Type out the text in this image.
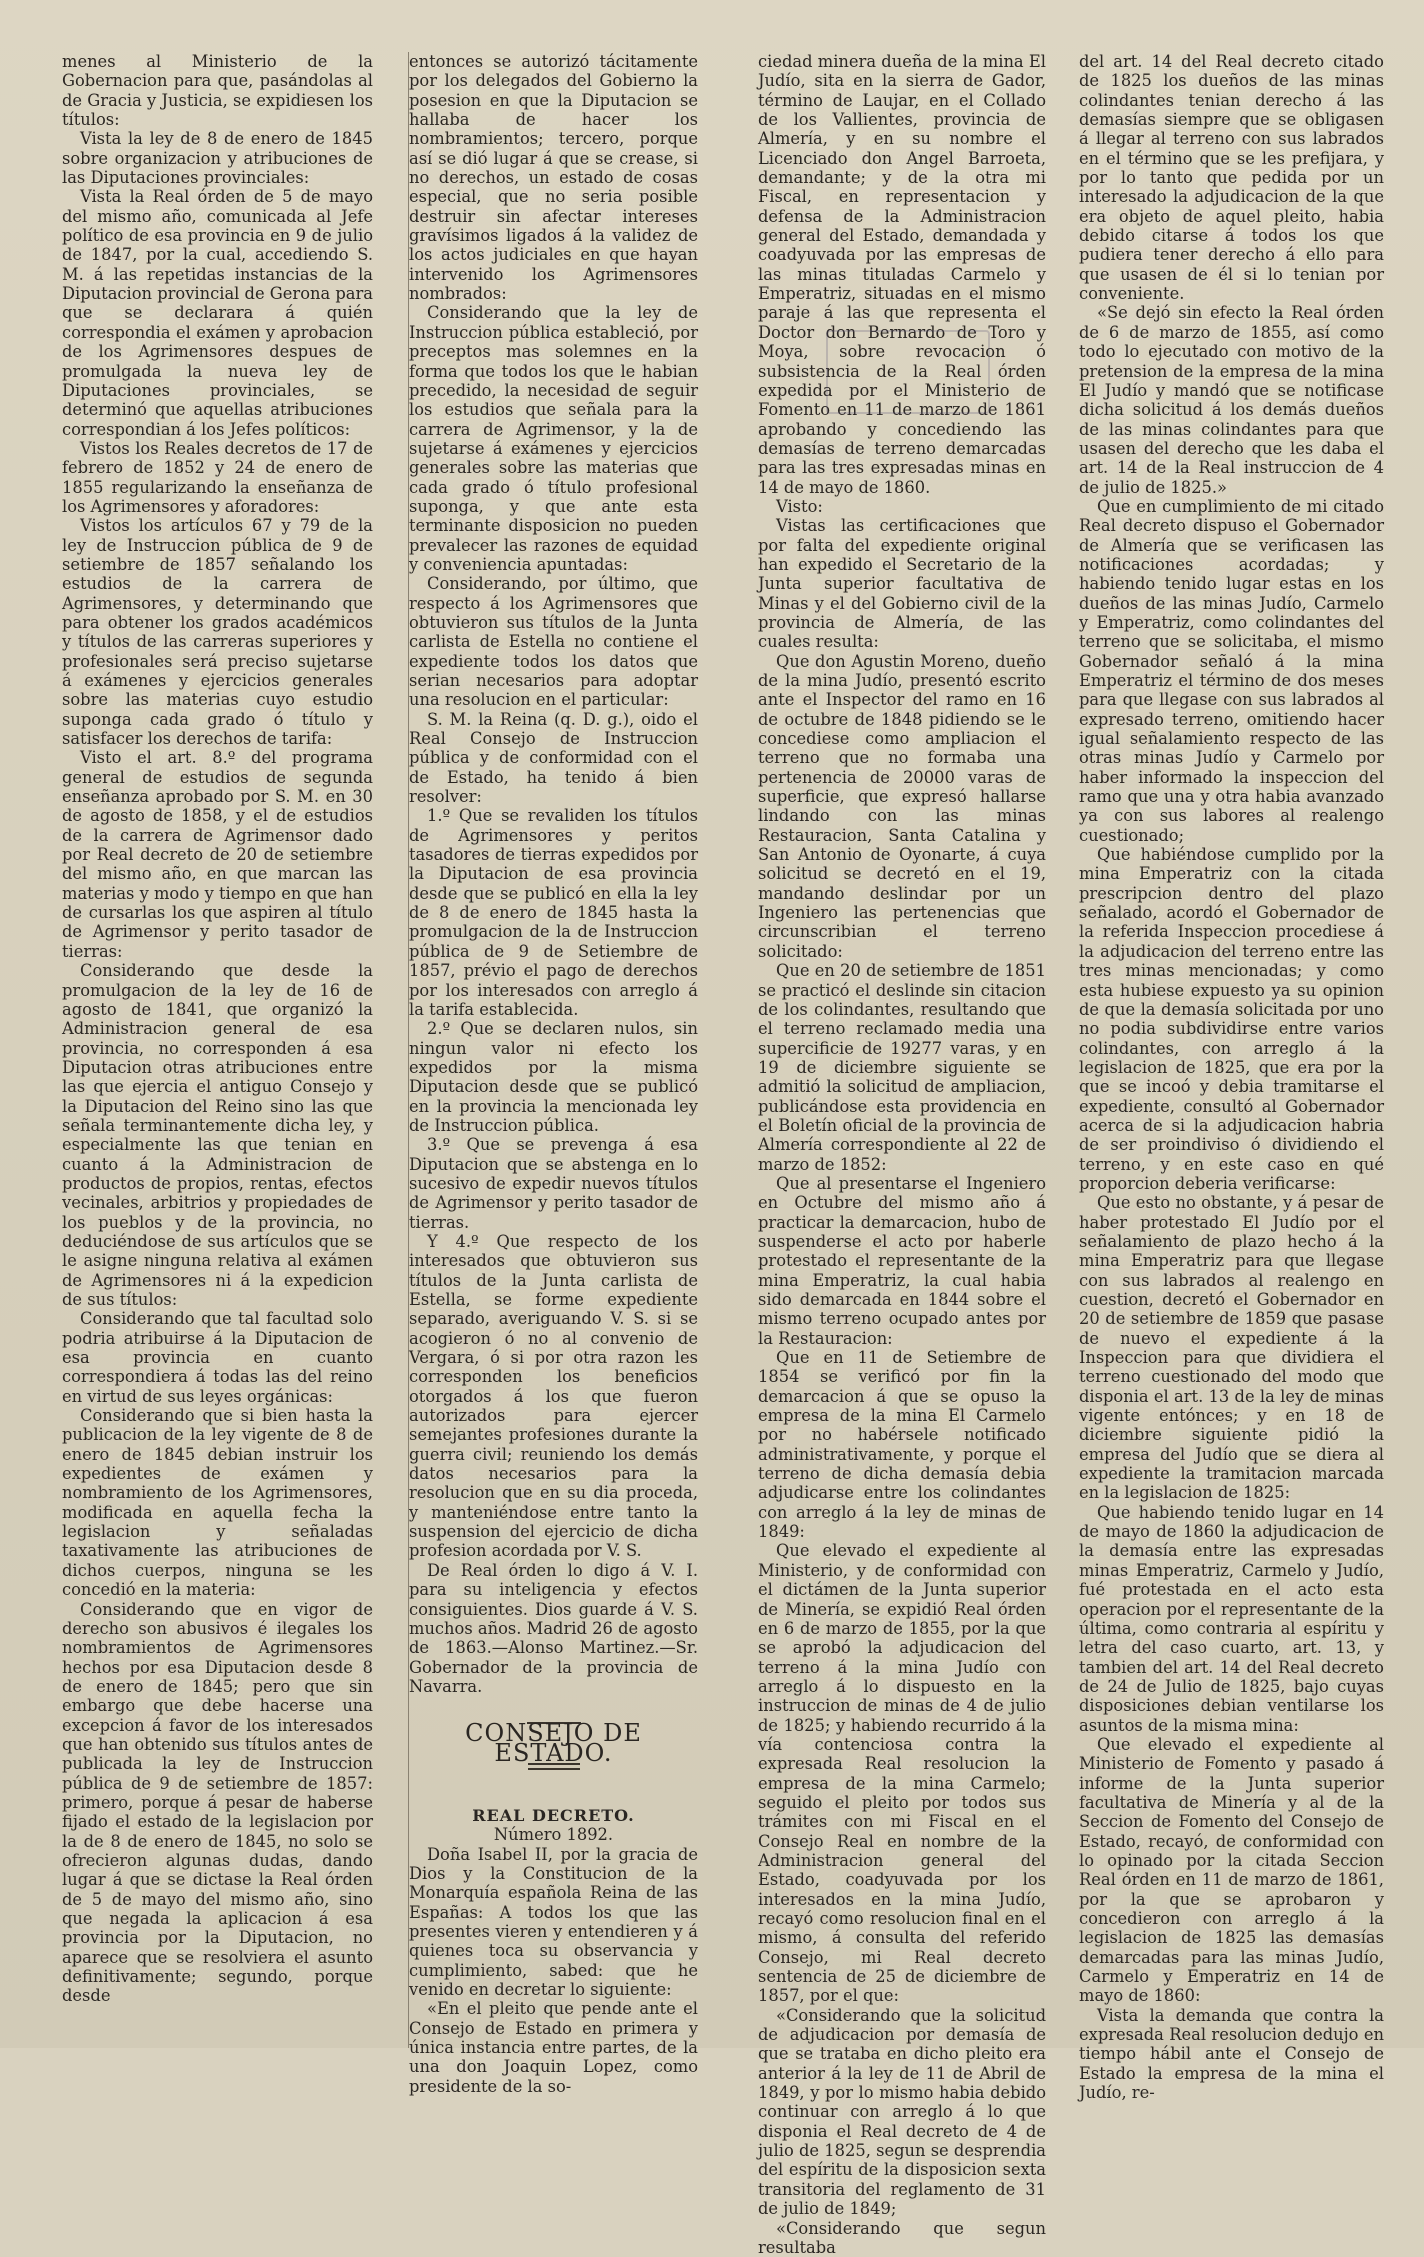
menes al Ministerio de la Gobernacion para que, pasándolas al de Gracia y Justicia, se expidiesen los títulos:

Vista la ley de 8 de enero de 1845 sobre organizacion y atribuciones de las Diputaciones provinciales:

Vista la Real órden de 5 de mayo del mismo año, comunicada al Jefe político de esa provincia en 9 de julio de 1847, por la cual, accediendo S. M. á las repetidas instancias de la Diputacion provincial de Gerona para que se declarara á quién correspondia el exámen y aprobacion de los Agrimensores despues de promulgada la nueva ley de Diputaciones provinciales, se determinó que aquellas atribuciones correspondian á los Jefes políticos:

Vistos los Reales decretos de 17 de febrero de 1852 y 24 de enero de 1855 regularizando la enseñanza de los Agrimensores y aforadores:

Vistos los artículos 67 y 79 de la ley de Instruccion pública de 9 de setiembre de 1857 señalando los estudios de la carrera de Agrimensores, y determinando que para obtener los grados académicos y títulos de las carreras superiores y profesionales será preciso sujetarse á exámenes y ejercicios generales sobre las materias cuyo estudio suponga cada grado ó título y satisfacer los derechos de tarifa:

Visto el art. 8.º del programa general de estudios de segunda enseñanza aprobado por S. M. en 30 de agosto de 1858, y el de estudios de la carrera de Agrimensor dado por Real decreto de 20 de setiembre del mismo año, en que marcan las materias y modo y tiempo en que han de cursarlas los que aspiren al título de Agrimensor y perito tasador de tierras:

Considerando que desde la promulgacion de la ley de 16 de agosto de 1841, que organizó la Administracion general de esa provincia, no corresponden á esa Diputacion otras atribuciones entre las que ejercia el antiguo Consejo y la Diputacion del Reino sino las que señala terminantemente dicha ley, y especialmente las que tenian en cuanto á la Administracion de productos de propios, rentas, efectos vecinales, arbitrios y propiedades de los pueblos y de la provincia, no deduciéndose de sus artículos que se le asigne ninguna relativa al exámen de Agrimensores ni á la expedicion de sus títulos:

Considerando que tal facultad solo podria atribuirse á la Diputacion de esa provincia en cuanto correspondiera á todas las del reino en virtud de sus leyes orgánicas:

Considerando que si bien hasta la publicacion de la ley vigente de 8 de enero de 1845 debian instruir los expedientes de exámen y nombramiento de los Agrimensores, modificada en aquella fecha la legislacion y señaladas taxativamente las atribuciones de dichos cuerpos, ninguna se les concedió en la materia:

Considerando que en vigor de derecho son abusivos é ilegales los nombramientos de Agrimensores hechos por esa Diputacion desde 8 de enero de 1845; pero que sin embargo que debe hacerse una excepcion á favor de los interesados que han obtenido sus títulos antes de publicada la ley de Instruccion pública de 9 de setiembre de 1857: primero, porque á pesar de haberse fijado el estado de la legislacion por la de 8 de enero de 1845, no solo se ofrecieron algunas dudas, dando lugar á que se dictase la Real órden de 5 de mayo del mismo año, sino que negada la aplicacion á esa provincia por la Diputacion, no aparece que se resolviera el asunto definitivamente; segundo, porque desde

entonces se autorizó tácitamente por los delegados del Gobierno la posesion en que la Diputacion se hallaba de hacer los nombramientos; tercero, porque así se dió lugar á que se crease, si no derechos, un estado de cosas especial, que no seria posible destruir sin afectar intereses gravísimos ligados á la validez de los actos judiciales en que hayan intervenido los Agrimensores nombrados:

Considerando que la ley de Instruccion pública estableció, por preceptos mas solemnes en la forma que todos los que le habian precedido, la necesidad de seguir los estudios que señala para la carrera de Agrimensor, y la de sujetarse á exámenes y ejercicios generales sobre las materias que cada grado ó título profesional suponga, y que ante esta terminante disposicion no pueden prevalecer las razones de equidad y conveniencia apuntadas:

Considerando, por último, que respecto á los Agrimensores que obtuvieron sus títulos de la Junta carlista de Estella no contiene el expediente todos los datos que serian necesarios para adoptar una resolucion en el particular:

S. M. la Reina (q. D. g.), oido el Real Consejo de Instruccion pública y de conformidad con el de Estado, ha tenido á bien resolver:

1.º Que se revaliden los títulos de Agrimensores y peritos tasadores de tierras expedidos por la Diputacion de esa provincia desde que se publicó en ella la ley de 8 de enero de 1845 hasta la promulgacion de la de Instruccion pública de 9 de Setiembre de 1857, prévio el pago de derechos por los interesados con arreglo á la tarifa establecida.

2.º Que se declaren nulos, sin ningun valor ni efecto los expedidos por la misma Diputacion desde que se publicó en la provincia la mencionada ley de Instruccion pública.

3.º Que se prevenga á esa Diputacion que se abstenga en lo sucesivo de expedir nuevos títulos de Agrimensor y perito tasador de tierras.

Y 4.º Que respecto de los interesados que obtuvieron sus títulos de la Junta carlista de Estella, se forme expediente separado, averiguando V. S. si se acogieron ó no al convenio de Vergara, ó si por otra razon les corresponden los beneficios otorgados á los que fueron autorizados para ejercer semejantes profesiones durante la guerra civil; reuniendo los demás datos necesarios para la resolucion que en su dia proceda, y manteniéndose entre tanto la suspension del ejercicio de dicha profesion acordada por V. S.

De Real órden lo digo á V. I. para su inteligencia y efectos consiguientes. Dios guarde á V. S. muchos años. Madrid 26 de agosto de 1863.—Alonso Martinez.—Sr. Gobernador de la provincia de Navarra.

CONSEJO DE ESTADO.

REAL DECRETO.

Número 1892.

Doña Isabel II, por la gracia de Dios y la Constitucion de la Monarquía española Reina de las Españas: A todos los que las presentes vieren y entendieren y á quienes toca su observancia y cumplimiento, sabed: que he venido en decretar lo siguiente:

«En el pleito que pende ante el Consejo de Estado en primera y única instancia entre partes, de la una don Joaquin Lopez, como presidente de la so-

ciedad minera dueña de la mina El Judío, sita en la sierra de Gador, término de Laujar, en el Collado de los Vallientes, provincia de Almería, y en su nombre el Licenciado don Angel Barroeta, demandante; y de la otra mi Fiscal, en representacion y defensa de la Administracion general del Estado, demandada y coadyuvada por las empresas de las minas tituladas Carmelo y Emperatriz, situadas en el mismo paraje á las que representa el Doctor don Bernardo de Toro y Moya, sobre revocacion ó subsistencia de la Real órden expedida por el Ministerio de Fomento en 11 de marzo de 1861 aprobando y concediendo las demasías de terreno demarcadas para las tres expresadas minas en 14 de mayo de 1860.

Visto:

Vistas las certificaciones que por falta del expediente original han expedido el Secretario de la Junta superior facultativa de Minas y el del Gobierno civil de la provincia de Almería, de las cuales resulta:

Que don Agustin Moreno, dueño de la mina Judío, presentó escrito ante el Inspector del ramo en 16 de octubre de 1848 pidiendo se le concediese como ampliacion el terreno que no formaba una pertenencia de 20000 varas de superficie, que expresó hallarse lindando con las minas Restauracion, Santa Catalina y San Antonio de Oyonarte, á cuya solicitud se decretó en el 19, mandando deslindar por un Ingeniero las pertenencias que circunscribian el terreno solicitado:

Que en 20 de setiembre de 1851 se practicó el deslinde sin citacion de los colindantes, resultando que el terreno reclamado media una supercificie de 19277 varas, y en 19 de diciembre siguiente se admitió la solicitud de ampliacion, publicándose esta providencia en el Boletín oficial de la provincia de Almería correspondiente al 22 de marzo de 1852:

Que al presentarse el Ingeniero en Octubre del mismo año á practicar la demarcacion, hubo de suspenderse el acto por haberle protestado el representante de la mina Emperatriz, la cual habia sido demarcada en 1844 sobre el mismo terreno ocupado antes por la Restauracion:

Que en 11 de Setiembre de 1854 se verificó por fin la demarcacion á que se opuso la empresa de la mina El Carmelo por no habérsele notificado administrativamente, y porque el terreno de dicha demasía debia adjudicarse entre los colindantes con arreglo á la ley de minas de 1849:

Que elevado el expediente al Ministerio, y de conformidad con el dictámen de la Junta superior de Minería, se expidió Real órden en 6 de marzo de 1855, por la que se aprobó la adjudicacion del terreno á la mina Judío con arreglo á lo dispuesto en la instruccion de minas de 4 de julio de 1825; y habiendo recurrido á la vía contenciosa contra la expresada Real resolucion la empresa de la mina Carmelo; seguido el pleito por todos sus trámites con mi Fiscal en el Consejo Real en nombre de la Administracion general del Estado, coadyuvada por los interesados en la mina Judío, recayó como resolucion final en el mismo, á consulta del referido Consejo, mi Real decreto sentencia de 25 de diciembre de 1857, por el que:

«Considerando que la solicitud de adjudicacion por demasía de que se trataba en dicho pleito era anterior á la ley de 11 de Abril de 1849, y por lo mismo habia debido continuar con arreglo á lo que disponia el Real decreto de 4 de julio de 1825, segun se desprendia del espíritu de la disposicion sexta transitoria del reglamento de 31 de julio de 1849;

«Considerando que segun resultaba

del art. 14 del Real decreto citado de 1825 los dueños de las minas colindantes tenian derecho á las demasías siempre que se obligasen á llegar al terreno con sus labrados en el término que se les prefijara, y por lo tanto que pedida por un interesado la adjudicacion de la que era objeto de aquel pleito, habia debido citarse á todos los que pudiera tener derecho á ello para que usasen de él si lo tenian por conveniente.

«Se dejó sin efecto la Real órden de 6 de marzo de 1855, así como todo lo ejecutado con motivo de la pretension de la empresa de la mina El Judío y mandó que se notificase dicha solicitud á los demás dueños de las minas colindantes para que usasen del derecho que les daba el art. 14 de la Real instruccion de 4 de julio de 1825.»

Que en cumplimiento de mi citado Real decreto dispuso el Gobernador de Almería que se verificasen las notificaciones acordadas; y habiendo tenido lugar estas en los dueños de las minas Judío, Carmelo y Emperatriz, como colindantes del terreno que se solicitaba, el mismo Gobernador señaló á la mina Emperatriz el término de dos meses para que llegase con sus labrados al expresado terreno, omitiendo hacer igual señalamiento respecto de las otras minas Judío y Carmelo por haber informado la inspeccion del ramo que una y otra habia avanzado ya con sus labores al realengo cuestionado;

Que habiéndose cumplido por la mina Emperatriz con la citada prescripcion dentro del plazo señalado, acordó el Gobernador de la referida Inspeccion procediese á la adjudicacion del terreno entre las tres minas mencionadas; y como esta hubiese expuesto ya su opinion de que la demasía solicitada por uno no podia subdividirse entre varios colindantes, con arreglo á la legislacion de 1825, que era por la que se incoó y debia tramitarse el expediente, consultó al Gobernador acerca de si la adjudicacion habria de ser proindiviso ó dividiendo el terreno, y en este caso en qué proporcion deberia verificarse:

Que esto no obstante, y á pesar de haber protestado El Judío por el señalamiento de plazo hecho á la mina Emperatriz para que llegase con sus labrados al realengo en cuestion, decretó el Gobernador en 20 de setiembre de 1859 que pasase de nuevo el expediente á la Inspeccion para que dividiera el terreno cuestionado del modo que disponia el art. 13 de la ley de minas vigente entónces; y en 18 de diciembre siguiente pidió la empresa del Judío que se diera al expediente la tramitacion marcada en la legislacion de 1825:

Que habiendo tenido lugar en 14 de mayo de 1860 la adjudicacion de la demasía entre las expresadas minas Emperatriz, Carmelo y Judío, fué protestada en el acto esta operacion por el representante de la última, como contraria al espíritu y letra del caso cuarto, art. 13, y tambien del art. 14 del Real decreto de 24 de Julio de 1825, bajo cuyas disposiciones debian ventilarse los asuntos de la misma mina:

Que elevado el expediente al Ministerio de Fomento y pasado á informe de la Junta superior facultativa de Minería y al de la Seccion de Fomento del Consejo de Estado, recayó, de conformidad con lo opinado por la citada Seccion Real órden en 11 de marzo de 1861, por la que se aprobaron y concedieron con arreglo á la legislacion de 1825 las demasías demarcadas para las minas Judío, Carmelo y Emperatriz en 14 de mayo de 1860:

Vista la demanda que contra la expresada Real resolucion dedujo en tiempo hábil ante el Consejo de Estado la empresa de la mina el Judío, re-
